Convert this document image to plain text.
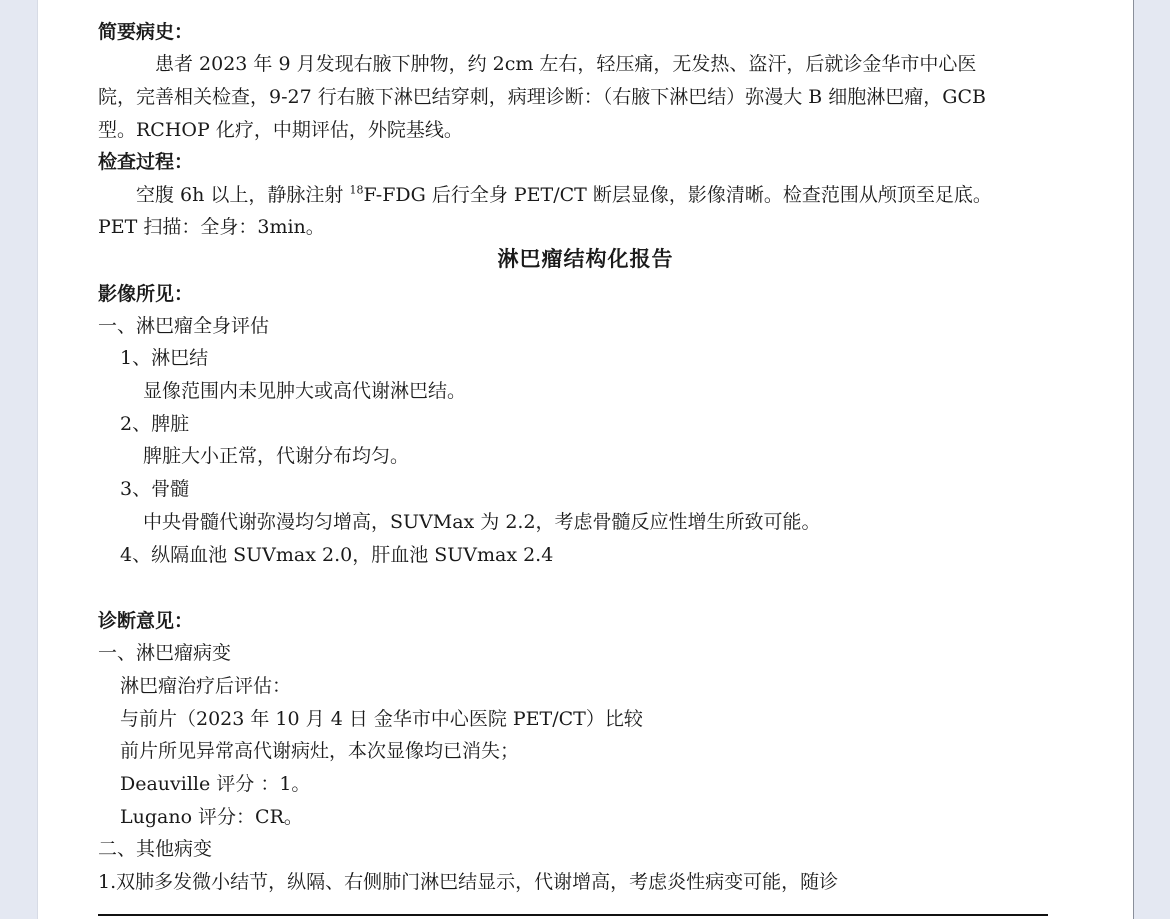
简要病史：
患者 2023 年 9 月发现右腋下肿物，约 2cm 左右，轻压痛，无发热、盗汗，后就诊金华市中心医
院，完善相关检查，9-27 行右腋下淋巴结穿刺，病理诊断：（右腋下淋巴结）弥漫大 B 细胞淋巴瘤，GCB
型。RCHOP 化疗，中期评估，外院基线。
检查过程：
空腹 6h 以上，静脉注射 $^{18}$F-FDG 后行全身 PET/CT 断层显像，影像清晰。检查范围从颅顶至足底。
PET 扫描：全身：3min。
淋巴瘤结构化报告
影像所见：
一、淋巴瘤全身评估
1、淋巴结
显像范围内未见肿大或高代谢淋巴结。
2、脾脏
脾脏大小正常，代谢分布均匀。
3、骨髓
中央骨髓代谢弥漫均匀增高，SUVMax 为 2.2，考虑骨髓反应性增生所致可能。
4、纵隔血池 SUVmax 2.0，肝血池 SUVmax 2.4
诊断意见：
一、淋巴瘤病变
淋巴瘤治疗后评估：
与前片（2023 年 10 月 4 日 金华市中心医院 PET/CT）比较
前片所见异常高代谢病灶，本次显像均已消失；
Deauville 评分 ：1。
Lugano 评分：CR。
二、其他病变
1.双肺多发微小结节，纵隔、右侧肺门淋巴结显示，代谢增高，考虑炎性病变可能，随诊
